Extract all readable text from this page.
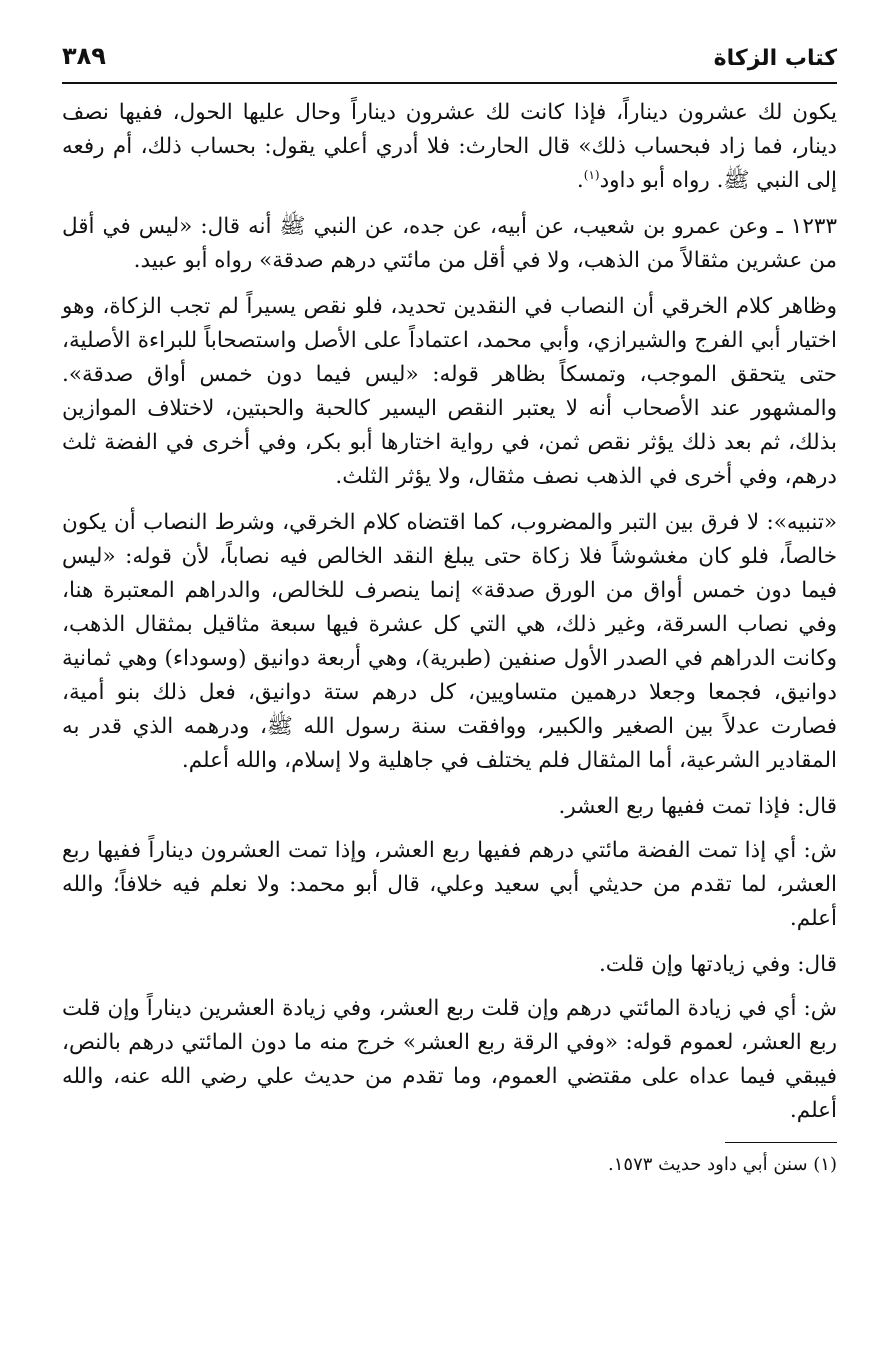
كتاب الزكاة
٣٨٩

يكون لك عشرون ديناراً، فإذا كانت لك عشرون ديناراً وحال عليها الحول، ففيها نصف دينار، فما زاد فبحساب ذلك» قال الحارث: فلا أدري أعلي يقول: بحساب ذلك، أم رفعه إلى النبي ﷺ. رواه أبو داود$^{(١)}$.

١٢٣٣ ـ وعن عمرو بن شعيب، عن أبيه، عن جده، عن النبي ﷺ أنه قال: «ليس في أقل من عشرين مثقالاً من الذهب، ولا في أقل من مائتي درهم صدقة» رواه أبو عبيد.

وظاهر كلام الخرقي أن النصاب في النقدين تحديد، فلو نقص يسيراً لم تجب الزكاة، وهو اختيار أبي الفرج والشيرازي، وأبي محمد، اعتماداً على الأصل واستصحاباً للبراءة الأصلية، حتى يتحقق الموجب، وتمسكاً بظاهر قوله: «ليس فيما دون خمس أواق صدقة». والمشهور عند الأصحاب أنه لا يعتبر النقص اليسير كالحبة والحبتين، لاختلاف الموازين بذلك، ثم بعد ذلك يؤثر نقص ثمن، في رواية اختارها أبو بكر، وفي أخرى في الفضة ثلث درهم، وفي أخرى في الذهب نصف مثقال، ولا يؤثر الثلث.

«تنبيه»: لا فرق بين التبر والمضروب، كما اقتضاه كلام الخرقي، وشرط النصاب أن يكون خالصاً، فلو كان مغشوشاً فلا زكاة حتى يبلغ النقد الخالص فيه نصاباً، لأن قوله: «ليس فيما دون خمس أواق من الورق صدقة» إنما ينصرف للخالص، والدراهم المعتبرة هنا، وفي نصاب السرقة، وغير ذلك، هي التي كل عشرة فيها سبعة مثاقيل بمثقال الذهب، وكانت الدراهم في الصدر الأول صنفين (طبرية)، وهي أربعة دوانيق (وسوداء) وهي ثمانية دوانيق، فجمعا وجعلا درهمين متساويين، كل درهم ستة دوانيق، فعل ذلك بنو أمية، فصارت عدلاً بين الصغير والكبير، ووافقت سنة رسول الله ﷺ، ودرهمه الذي قدر به المقادير الشرعية، أما المثقال فلم يختلف في جاهلية ولا إسلام، والله أعلم.

قال: فإذا تمت ففيها ربع العشر.

ش: أي إذا تمت الفضة مائتي درهم ففيها ربع العشر، وإذا تمت العشرون ديناراً ففيها ربع العشر، لما تقدم من حديثي أبي سعيد وعلي، قال أبو محمد: ولا نعلم فيه خلافاً؛ والله أعلم.

قال: وفي زيادتها وإن قلت.

ش: أي في زيادة المائتي درهم وإن قلت ربع العشر، وفي زيادة العشرين ديناراً وإن قلت ربع العشر، لعموم قوله: «وفي الرقة ربع العشر» خرج منه ما دون المائتي درهم بالنص، فيبقي فيما عداه على مقتضي العموم، وما تقدم من حديث علي رضي الله عنه، والله أعلم.

(١) سنن أبي داود حديث ١٥٧٣.
